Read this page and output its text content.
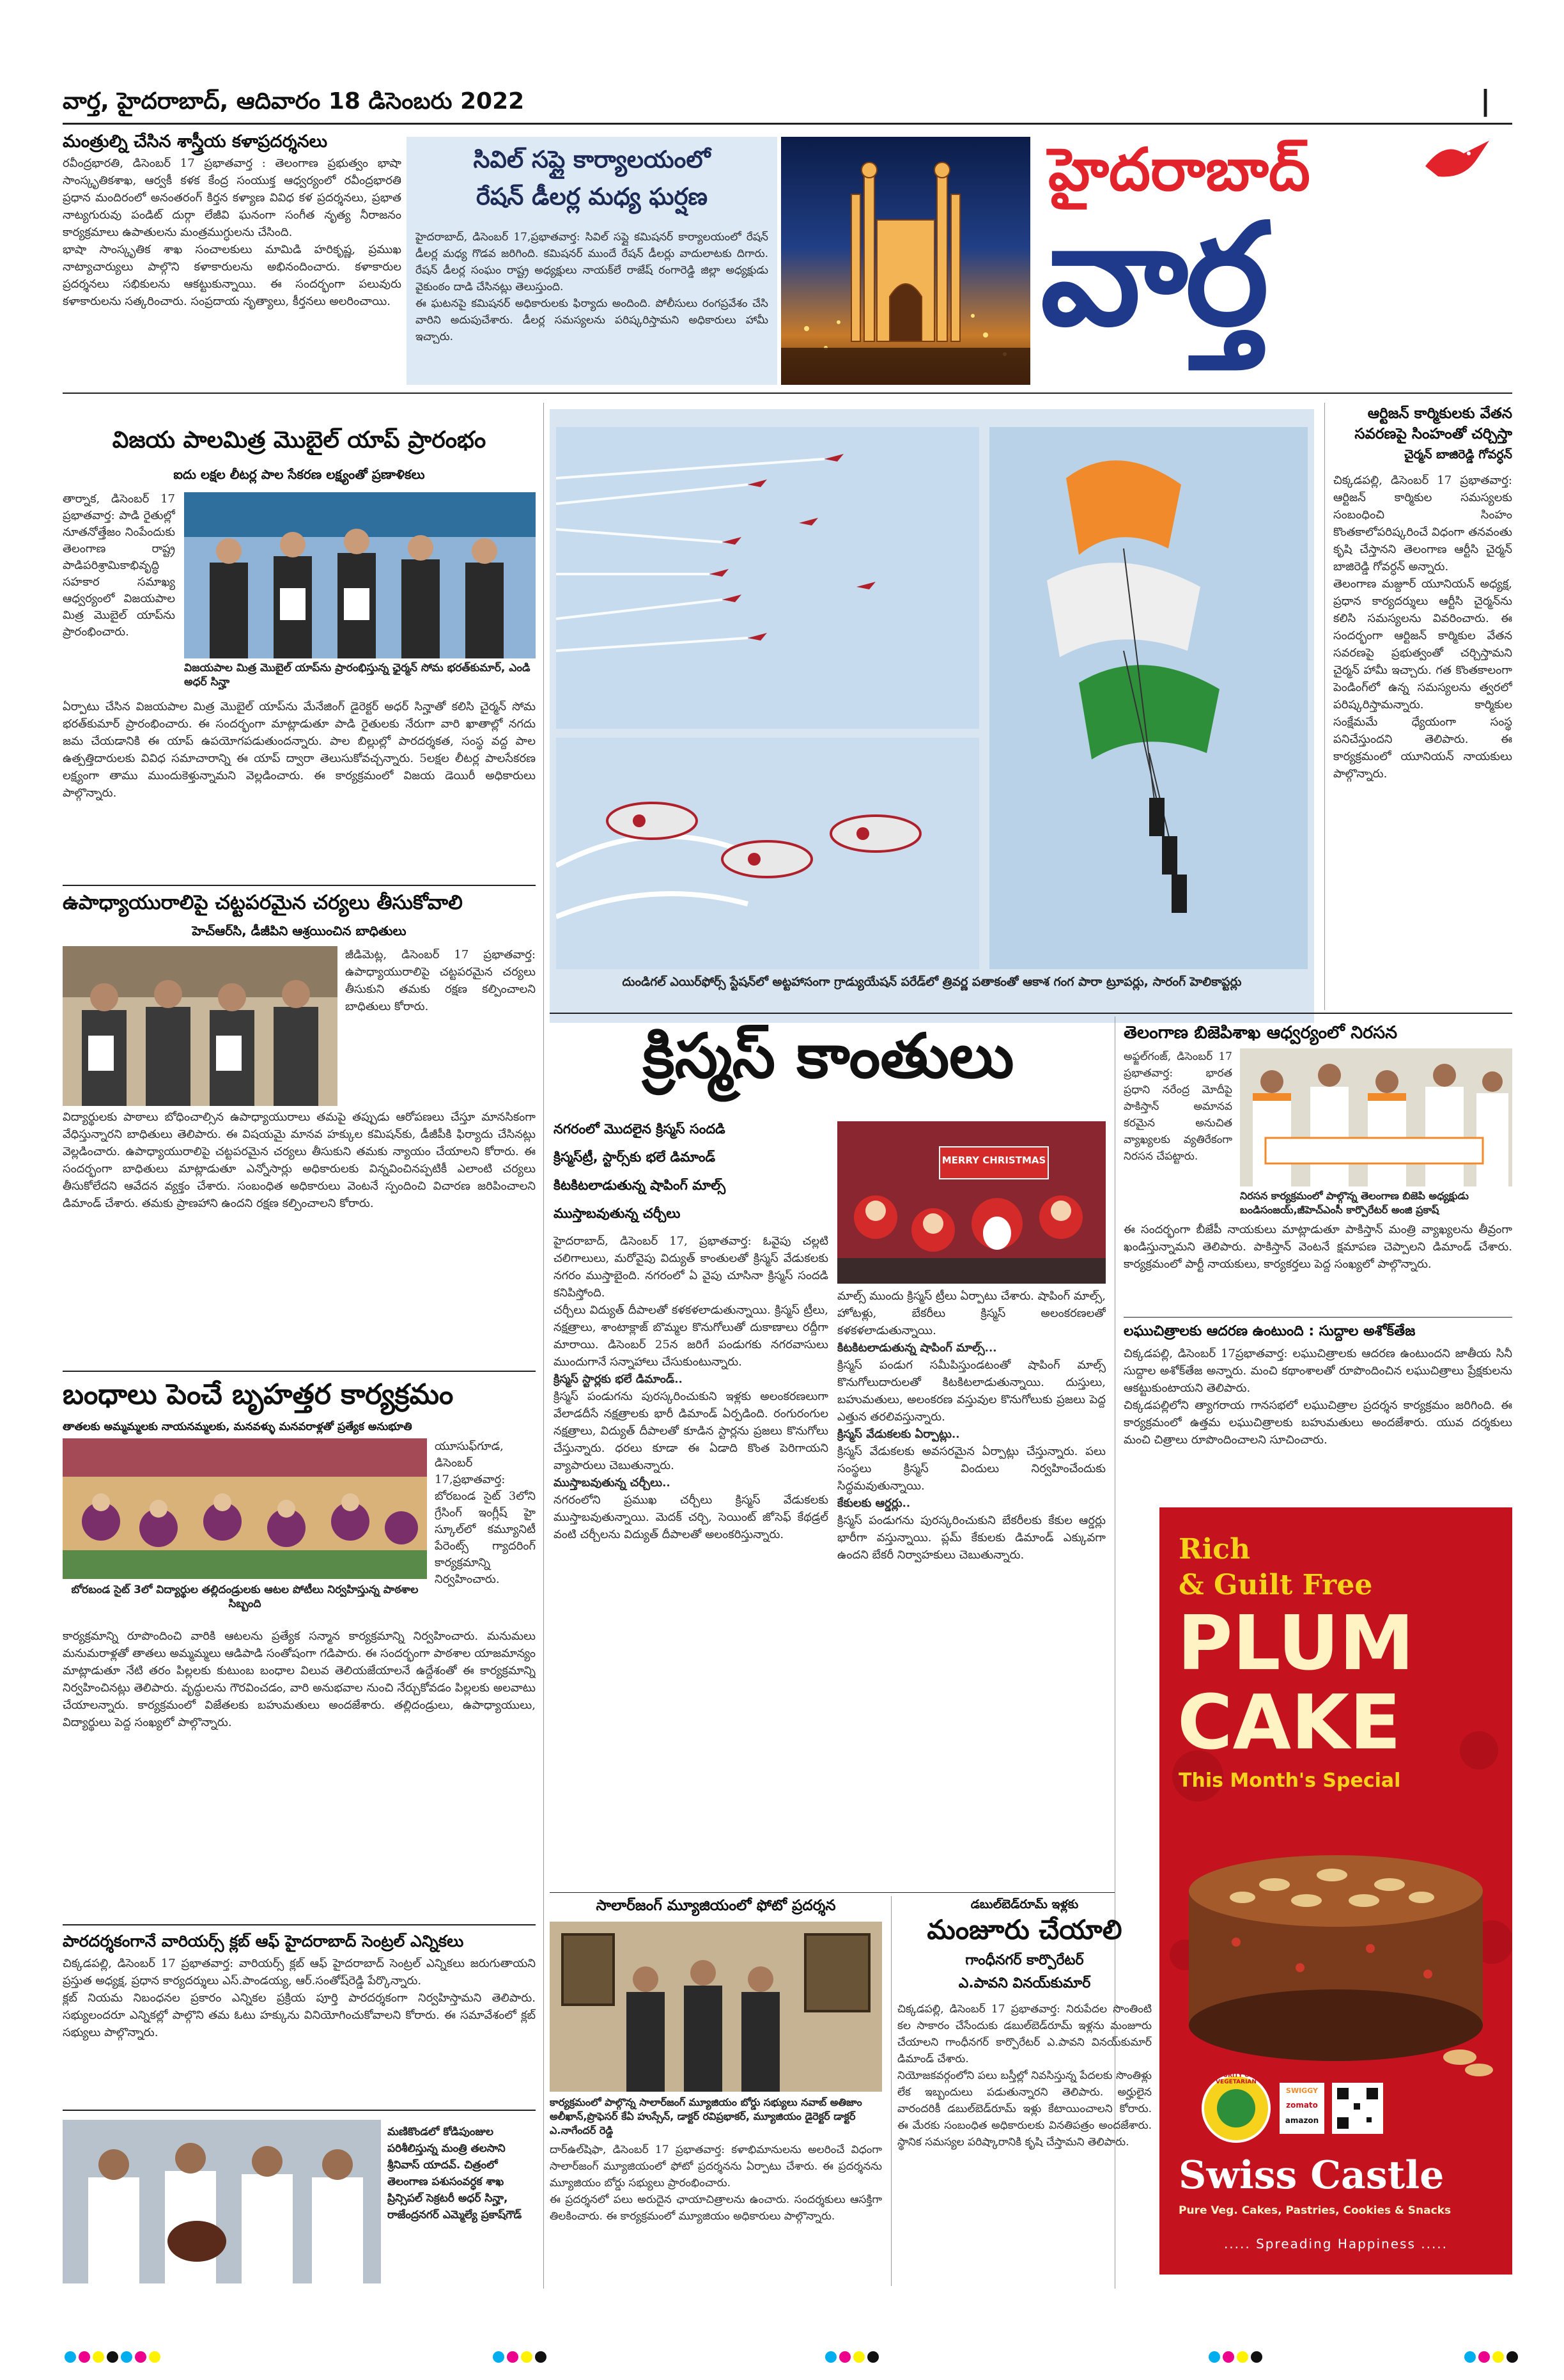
వార్త, హైదరాబాద్, ఆదివారం 18 డిసెంబరు 2022	|
మంత్రుల్ని చేసిన శాస్త్రీయ కళాప్రదర్శనలు
రవీంద్రభారతి, డిసెంబర్ 17 ప్రభాతవార్త : తెలంగాణ ప్రభుత్వం భాషా సాంస్కృతికశాఖ, ఆర్వకీ కళక కేంద్ర సంయుక్త ఆధ్వర్యంలో రవీంద్రభారతి ప్రధాన మందిరంలో అనంతరంగ్ కిర్తన కళ్యాణ వివిధ కళ ప్రదర్శనలు, ప్రభాత నాట్యగురువు పండిట్ దుర్గా లేజీవి ఘనంగా సంగీత నృత్య నీరాజనం కార్యక్రమాలు ఉపాతులను మంత్రముగ్ధులను చేసింది.
భాషా సాంస్కృతిక శాఖ సంచాలకులు మామిడి హరికృష్ణ, ప్రముఖ నాట్యాచార్యులు పాల్గొని కళాకారులను అభినందించారు. కళాకారుల ప్రదర్శనలు సభికులను ఆకట్టుకున్నాయి. ఈ సందర్భంగా పలువురు కళాకారులను సత్కరించారు. సంప్రదాయ నృత్యాలు, కీర్తనలు అలరించాయి.
సివిల్ సప్లై కార్యాలయంలో
రేషన్ డీలర్ల మధ్య ఘర్షణ
హైదరాబాద్, డిసెంబర్ 17,ప్రభాతవార్త: సివిల్ సప్లై కమిషనర్ కార్యాలయంలో రేషన్ డీలర్ల మధ్య గొడవ జరిగింది. కమిషనర్ ముందే రేషన్ డీలర్లు వాదులాటకు దిగారు. రేషన్ డీలర్ల సంఘం రాష్ట్ర అధ్యక్షులు నాయక్‌లే రాజేష్ రంగారెడ్డి జిల్లా అధ్యక్షుడు వైకుంఠం దాడి చేసినట్లు తెలుస్తుంది.
ఈ ఘటనపై కమిషనర్ అధికారులకు ఫిర్యాదు అందింది. పోలీసులు రంగప్రవేశం చేసి వారిని అదుపుచేశారు. డీలర్ల సమస్యలను పరిష్కరిస్తామని అధికారులు హామీ ఇచ్చారు.
హైదరాబాద్
వార్త
విజయ పాలమిత్ర మొబైల్ యాప్ ప్రారంభం
ఐదు లక్షల లీటర్ల పాల సేకరణ లక్ష్యంతో ప్రణాళికలు
తార్నాక, డిసెంబర్ 17 ప్రభాతవార్త: పాడి రైతుల్లో నూతనోత్తేజం నింపేందుకు తెలంగాణ రాష్ట్ర పాడిపరిశ్రామికాభివృద్ధి సహకార సమాఖ్య ఆధ్వర్యంలో విజయపాల మిత్ర మొబైల్ యాప్‌ను ప్రారంభించారు.
విజయపాల మిత్ర మొబైల్ యాప్‌ను ప్రారంభిస్తున్న ఛైర్మన్ సోమ భరత్‌కుమార్, ఎండి అధర్ సిన్హా
ఏర్పాటు చేసిన విజయపాల మిత్ర మొబైల్ యాప్‌ను మేనేజింగ్ డైరెక్టర్ అధర్ సిన్హాతో కలిసి చైర్మన్ సోమ భరత్‌కుమార్ ప్రారంభించారు. ఈ సందర్భంగా మాట్లాడుతూ పాడి రైతులకు నేరుగా వారి ఖాతాల్లో నగదు జమ చేయడానికి ఈ యాప్ ఉపయోగపడుతుందన్నారు. పాల బిల్లుల్లో పారదర్శకత, సంస్థ వద్ద పాల ఉత్పత్తిదారులకు వివిధ సమాచారాన్ని ఈ యాప్ ద్వారా తెలుసుకోవచ్చన్నారు. 5లక్షల లీటర్ల పాలసేకరణ లక్ష్యంగా తాము ముందుకెళ్తున్నామని వెల్లడించారు. ఈ కార్యక్రమంలో విజయ డెయిరీ అధికారులు పాల్గొన్నారు.
ఉపాధ్యాయురాలిపై చట్టపరమైన చర్యలు తీసుకోవాలి
హెచ్ఆర్‌సి, డీజీపిని ఆశ్రయించిన బాధితులు
జీడిమెట్ల, డిసెంబర్ 17 ప్రభాతవార్త: ఉపాధ్యాయురాలిపై చట్టపరమైన చర్యలు తీసుకుని తమకు రక్షణ కల్పించాలని బాధితులు కోరారు.
విద్యార్థులకు పాఠాలు బోధించాల్సిన ఉపాధ్యాయురాలు తమపై తప్పుడు ఆరోపణలు చేస్తూ మానసికంగా వేధిస్తున్నారని బాధితులు తెలిపారు. ఈ విషయమై మానవ హక్కుల కమిషన్‌కు, డీజీపీకి ఫిర్యాదు చేసినట్లు వెల్లడించారు. ఉపాధ్యాయురాలిపై చట్టపరమైన చర్యలు తీసుకుని తమకు న్యాయం చేయాలని కోరారు. ఈ సందర్భంగా బాధితులు మాట్లాడుతూ ఎన్నోసార్లు అధికారులకు విన్నవించినప్పటికీ ఎలాంటి చర్యలు తీసుకోలేదని ఆవేదన వ్యక్తం చేశారు. సంబంధిత అధికారులు వెంటనే స్పందించి విచారణ జరిపించాలని డిమాండ్ చేశారు. తమకు ప్రాణహాని ఉందని రక్షణ కల్పించాలని కోరారు.
బంధాలు పెంచే బృహత్తర కార్యక్రమం
తాతలకు అమ్మమ్మలకు నాయనమ్మలకు, మనవళ్ళు మనవరాళ్లతో ప్రత్యేక అనుభూతి
యూసుఫ్‌గూడ, డిసెంబర్ 17,ప్రభాతవార్త: బోరబండ సైట్ 3లోని గ్రేసింగ్ ఇంగ్లీష్ హై స్కూల్‌లో కమ్యూనిటీ పేరెంట్స్ గ్యాదరింగ్ కార్యక్రమాన్ని నిర్వహించారు.
బోరబండ సైట్ 3లో విద్యార్థుల తల్లిదండ్రులకు ఆటల పోటీలు నిర్వహిస్తున్న పాఠశాల సిబ్బంది
కార్యక్రమాన్ని రూపొందించి వారికి ఆటలను ప్రత్యేక సన్మాన కార్యక్రమాన్ని నిర్వహించారు. మనుమలు మనుమరాళ్లతో తాతలు అమ్మమ్మలు ఆడిపాడి సంతోషంగా గడిపారు. ఈ సందర్భంగా పాఠశాల యాజమాన్యం మాట్లాడుతూ నేటి తరం పిల్లలకు కుటుంబ బంధాల విలువ తెలియజేయాలనే ఉద్దేశంతో ఈ కార్యక్రమాన్ని నిర్వహించినట్లు తెలిపారు. వృద్ధులను గౌరవించడం, వారి అనుభవాల నుంచి నేర్చుకోవడం పిల్లలకు అలవాటు చేయాలన్నారు. కార్యక్రమంలో విజేతలకు బహుమతులు అందజేశారు. తల్లిదండ్రులు, ఉపాధ్యాయులు, విద్యార్థులు పెద్ద సంఖ్యలో పాల్గొన్నారు.
పారదర్శకంగానే వారియర్స్ క్లబ్ ఆఫ్ హైదరాబాద్ సెంట్రల్ ఎన్నికలు
చిక్కడపల్లి, డిసెంబర్ 17 ప్రభాతవార్త: వారియర్స్ క్లబ్ ఆఫ్ హైదరాబాద్ సెంట్రల్ ఎన్నికలు జరుగుతాయని ప్రస్తుత అధ్యక్ష, ప్రధాన కార్యదర్శులు ఎస్.పాండయ్య, ఆర్.సంతోష్‌రెడ్డి పేర్కొన్నారు.
క్లబ్ నియమ నిబంధనల ప్రకారం ఎన్నికల ప్రక్రియ పూర్తి పారదర్శకంగా నిర్వహిస్తామని తెలిపారు. సభ్యులందరూ ఎన్నికల్లో పాల్గొని తమ ఓటు హక్కును వినియోగించుకోవాలని కోరారు. ఈ సమావేశంలో క్లబ్ సభ్యులు పాల్గొన్నారు.
మణికొండలో కోడిపుంజుల పరిశీలిస్తున్న మంత్రి తలసాని శ్రీనివాస్ యాదవ్. చిత్రంలో తెలంగాణ పశుసంవర్ధక శాఖ ప్రిన్సిపల్ సెక్రటరీ అధర్ సిన్హా, రాజేంద్రనగర్ ఎమ్మెల్యే ప్రకాష్‌గౌడ్
దుండిగల్ ఎయిర్‌ఫోర్స్ స్టేషన్‌లో అట్టహాసంగా గ్రాడ్యుయేషన్ పరేడ్‌లో త్రివర్ణ పతాకంతో ఆకాశ గంగ పారా ట్రూపర్లు, సారంగ్ హెలికాప్టర్లు
ఆర్టిజన్ కార్మికులకు వేతన
సవరణపై సింహంతో చర్చిస్తా
చైర్మన్ బాజిరెడ్డి గోవర్ధన్
చిక్కడపల్లి, డిసెంబర్ 17 ప్రభాతవార్త: ఆర్టిజన్ కార్మికుల సమస్యలకు సంబంధించి సింహం కొంతకాలోపరిష్కరించే విధంగా తనవంతు కృషి చేస్తానని తెలంగాణ ఆర్టీసి చైర్మన్ బాజిరెడ్డి గోవర్ధన్ అన్నారు.
తెలంగాణ మజ్దూర్ యూనియన్ అధ్యక్ష, ప్రధాన కార్యదర్శులు ఆర్టీసి చైర్మన్‌ను కలిసి సమస్యలను వివరించారు. ఈ సందర్భంగా ఆర్టిజన్ కార్మికుల వేతన సవరణపై ప్రభుత్వంతో చర్చిస్తామని చైర్మన్ హామీ ఇచ్చారు. గత కొంతకాలంగా పెండింగ్‌లో ఉన్న సమస్యలను త్వరలో పరిష్కరిస్తామన్నారు. కార్మికుల సంక్షేమమే ధ్యేయంగా సంస్థ పనిచేస్తుందని తెలిపారు. ఈ కార్యక్రమంలో యూనియన్ నాయకులు పాల్గొన్నారు.
క్రిస్మస్ కాంతులు
నగరంలో మొదలైన క్రిస్మస్ సందడి
క్రిస్మస్‌ట్రీ, స్టార్స్‌కు భలే డిమాండ్
కిటకిటలాడుతున్న షాపింగ్ మాల్స్
ముస్తాబవుతున్న చర్చీలు
MERRY CHRISTMAS
హైదరాబాద్, డిసెంబర్ 17, ప్రభాతవార్త: ఓవైపు చల్లటి చలిగాలులు, మరోవైపు విద్యుత్ కాంతులతో క్రిస్మస్ వేడుకలకు నగరం ముస్తాబైంది. నగరంలో ఏ వైపు చూసినా క్రిస్మస్ సందడి కనిపిస్తోంది.
చర్చీలు విద్యుత్ దీపాలతో కళకళలాడుతున్నాయి. క్రిస్మస్ ట్రీలు, నక్షత్రాలు, శాంటాక్లాజ్ బొమ్మల కొనుగోలుతో దుకాణాలు రద్దీగా మారాయి. డిసెంబర్ 25న జరిగే పండుగకు నగరవాసులు ముందుగానే సన్నాహాలు చేసుకుంటున్నారు.
క్రిస్మస్ స్టార్లకు భలే డిమాండ్..
క్రిస్మస్ పండుగను పురస్కరించుకుని ఇళ్లకు అలంకరణలుగా వేలాడదీసే నక్షత్రాలకు భారీ డిమాండ్ ఏర్పడింది. రంగురంగుల నక్షత్రాలు, విద్యుత్ దీపాలతో కూడిన స్టార్లను ప్రజలు కొనుగోలు చేస్తున్నారు. ధరలు కూడా ఈ ఏడాది కొంత పెరిగాయని వ్యాపారులు చెబుతున్నారు.
ముస్తాబవుతున్న చర్చీలు..
నగరంలోని ప్రముఖ చర్చీలు క్రిస్మస్ వేడుకలకు ముస్తాబవుతున్నాయి. మెదక్ చర్చి, సెయింట్ జోసెఫ్ కేథడ్రల్ వంటి చర్చీలను విద్యుత్ దీపాలతో అలంకరిస్తున్నారు.
మాల్స్ ముందు క్రిస్మస్ ట్రీలు ఏర్పాటు చేశారు. షాపింగ్ మాల్స్, హోటళ్లు, బేకరీలు క్రిస్మస్ అలంకరణలతో కళకళలాడుతున్నాయి.
కిటకిటలాడుతున్న షాపింగ్ మాల్స్...
క్రిస్మస్ పండుగ సమీపిస్తుండటంతో షాపింగ్ మాల్స్ కొనుగోలుదారులతో కిటకిటలాడుతున్నాయి. దుస్తులు, బహుమతులు, అలంకరణ వస్తువుల కొనుగోలుకు ప్రజలు పెద్ద ఎత్తున తరలివస్తున్నారు.
క్రిస్మస్ వేడుకలకు ఏర్పాట్లు..
క్రిస్మస్ వేడుకలకు అవసరమైన ఏర్పాట్లు చేస్తున్నారు. పలు సంస్థలు క్రిస్మస్ విందులు నిర్వహించేందుకు సిద్ధమవుతున్నాయి.
కేకులకు ఆర్డర్లు..
క్రిస్మస్ పండుగను పురస్కరించుకుని బేకరీలకు కేకుల ఆర్డర్లు భారీగా వస్తున్నాయి. ప్లమ్ కేకులకు డిమాండ్ ఎక్కువగా ఉందని బేకరీ నిర్వాహకులు చెబుతున్నారు.
తెలంగాణ బిజెపిశాఖ ఆధ్వర్యంలో నిరసన
అఫ్జల్‌గంజ్, డిసెంబర్ 17 ప్రభాతవార్త: భారత ప్రధాని నరేంద్ర మోదీపై పాకిస్తాన్ అమానవ కరమైన అనుచిత వ్యాఖ్యలకు వ్యతిరేకంగా నిరసన చేపట్టారు.
నిరసన కార్యక్రమంలో పాల్గొన్న తెలంగాణ బిజెపి అధ్యక్షుడు బండిసంజయ్,జీహెచ్ఎంసీ కార్పొరేటర్ అంజి ప్రకాష్
ఈ సందర్భంగా బీజేపీ నాయకులు మాట్లాడుతూ పాకిస్తాన్ మంత్రి వ్యాఖ్యలను తీవ్రంగా ఖండిస్తున్నామని తెలిపారు. పాకిస్తాన్ వెంటనే క్షమాపణ చెప్పాలని డిమాండ్ చేశారు. కార్యక్రమంలో పార్టీ నాయకులు, కార్యకర్తలు పెద్ద సంఖ్యలో పాల్గొన్నారు.
లఘుచిత్రాలకు ఆదరణ ఉంటుంది : సుద్దాల అశోక్‌తేజ
చిక్కడపల్లి, డిసెంబర్ 17ప్రభాతవార్త: లఘుచిత్రాలకు ఆదరణ ఉంటుందని జాతీయ సినీ సుద్దాల అశోక్‌తేజ అన్నారు. మంచి కథాంశాలతో రూపొందించిన లఘుచిత్రాలు ప్రేక్షకులను ఆకట్టుకుంటాయని తెలిపారు.
చిక్కడపల్లిలోని త్యాగరాయ గానసభలో లఘుచిత్రాల ప్రదర్శన కార్యక్రమం జరిగింది. ఈ కార్యక్రమంలో ఉత్తమ లఘుచిత్రాలకు బహుమతులు అందజేశారు. యువ దర్శకులు మంచి చిత్రాలు రూపొందించాలని సూచించారు.
Rich
& Guilt Free
PLUM
CAKE
This Month's Special
PURITY OF VEGETARIAN
SWIGGY
zomato
amazon
Swiss Castle
Pure Veg. Cakes, Pastries, Cookies & Snacks
..... Spreading Happiness .....
సాలార్‌జంగ్ మ్యూజియంలో ఫోటో ప్రదర్శన
కార్యక్రమంలో పాల్గొన్న సాలార్‌జంగ్ మ్యూజియం బోర్డు సభ్యులు నవాబ్ అతిజాం అలీఖాన్,ప్రొఫెసర్ కేఏ హుస్సేన్, డాక్టర్ రవిప్రభాకర్, మ్యూజియం డైరెక్టర్ డాక్టర్ ఎ.నాగేందర్ రెడ్డి
దార్ఉల్‌షిఫా, డిసెంబర్ 17 ప్రభాతవార్త: కళాభిమానులను అలరించే విధంగా సాలార్‌జంగ్ మ్యూజియంలో ఫోటో ప్రదర్శనను ఏర్పాటు చేశారు. ఈ ప్రదర్శనను మ్యూజియం బోర్డు సభ్యులు ప్రారంభించారు.
ఈ ప్రదర్శనలో పలు అరుదైన ఛాయాచిత్రాలను ఉంచారు. సందర్శకులు ఆసక్తిగా తిలకించారు. ఈ కార్యక్రమంలో మ్యూజియం అధికారులు పాల్గొన్నారు.
డబుల్‌బెడ్‌రూమ్ ఇళ్లకు
మంజూరు చేయాలి
గాంధీనగర్ కార్పొరేటర్
ఎ.పావని వినయ్‌కుమార్
చిక్కడపల్లి, డిసెంబర్ 17 ప్రభాతవార్త: నిరుపేదల సొంతింటి కల సాకారం చేసేందుకు డబుల్‌బెడ్‌రూమ్ ఇళ్లను మంజూరు చేయాలని గాంధీనగర్ కార్పొరేటర్ ఎ.పావని వినయ్‌కుమార్ డిమాండ్ చేశారు.
నియోజకవర్గంలోని పలు బస్తీల్లో నివసిస్తున్న పేదలకు సొంతిళ్లు లేక ఇబ్బందులు పడుతున్నారని తెలిపారు. అర్హులైన వారందరికీ డబుల్‌బెడ్‌రూమ్ ఇళ్లు కేటాయించాలని కోరారు. ఈ మేరకు సంబంధిత అధికారులకు వినతిపత్రం అందజేశారు. స్థానిక సమస్యల పరిష్కారానికి కృషి చేస్తామని తెలిపారు.
